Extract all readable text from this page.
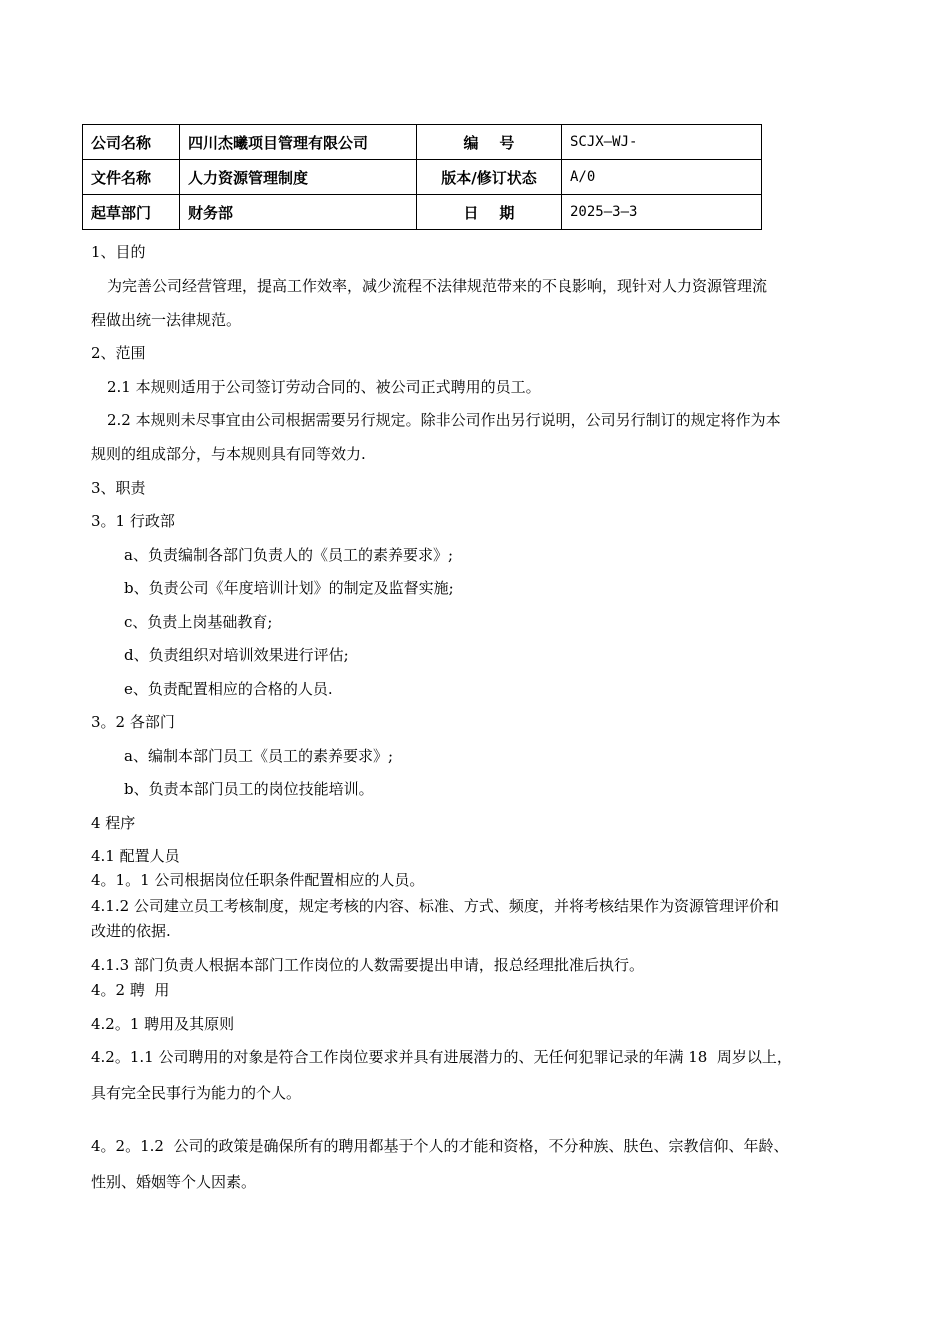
公司名称	四川杰曦项目管理有限公司	编    号	SCJX—WJ-
文件名称	人力资源管理制度	版本/修订状态	A/0
起草部门	财务部	日    期	2025—3—3
1、目的
为完善公司经营管理，提高工作效率，减少流程不法律规范带来的不良影响，现针对人力资源管理流
程做出统一法律规范。
2、范围
2.1 本规则适用于公司签订劳动合同的、被公司正式聘用的员工。
2.2 本规则未尽事宜由公司根据需要另行规定。除非公司作出另行说明，公司另行制订的规定将作为本
规则的组成部分，与本规则具有同等效力.
3、职责
3。1 行政部
a、负责编制各部门负责人的《员工的素养要求》;
b、负责公司《年度培训计划》的制定及监督实施;
c、负责上岗基础教育;
d、负责组织对培训效果进行评估;
e、负责配置相应的合格的人员.
3。2 各部门
a、编制本部门员工《员工的素养要求》;
b、负责本部门员工的岗位技能培训。
4 程序
4.1 配置人员
4。1。1 公司根据岗位任职条件配置相应的人员。
4.1.2 公司建立员工考核制度，规定考核的内容、标准、方式、频度，并将考核结果作为资源管理评价和
改进的依据.
4.1.3 部门负责人根据本部门工作岗位的人数需要提出申请，报总经理批准后执行。
4。2 聘  用
4.2。1 聘用及其原则
4.2。1.1 公司聘用的对象是符合工作岗位要求并具有进展潜力的、无任何犯罪记录的年满 18  周岁以上，
具有完全民事行为能力的个人。
4。2。1.2  公司的政策是确保所有的聘用都基于个人的才能和资格，不分种族、肤色、宗教信仰、年龄、
性别、婚姻等个人因素。
